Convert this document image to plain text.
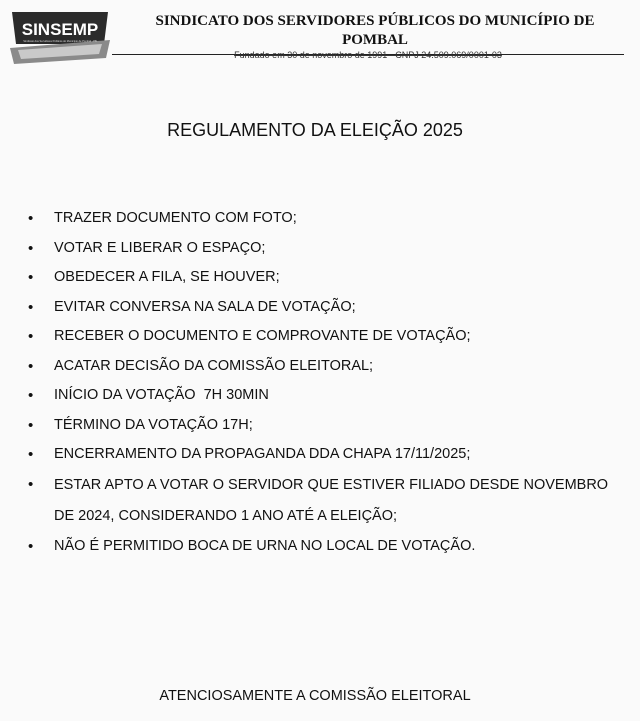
SINSEMP
Sindicato dos Servidores Públicos do Município de Pombal - PB
SINDICATO DOS SERVIDORES PÚBLICOS DO MUNICÍPIO DE POMBAL
Fundado em 30 de novembro de 1991 - CNPJ 24.509.069/0001-03
REGULAMENTO DA ELEIÇÃO 2025
• TRAZER DOCUMENTO COM FOTO;
• VOTAR E LIBERAR O ESPAÇO;
• OBEDECER A FILA, SE HOUVER;
• EVITAR CONVERSA NA SALA DE VOTAÇÃO;
• RECEBER O DOCUMENTO E COMPROVANTE DE VOTAÇÃO;
• ACATAR DECISÃO DA COMISSÃO ELEITORAL;
• INÍCIO DA VOTAÇÃO  7H 30MIN
• TÉRMINO DA VOTAÇÃO 17H;
• ENCERRAMENTO DA PROPAGANDA DDA CHAPA 17/11/2025;
• ESTAR APTO A VOTAR O SERVIDOR QUE ESTIVER FILIADO DESDE NOVEMBRO DE 2024, CONSIDERANDO 1 ANO ATÉ A ELEIÇÃO;
• NÃO É PERMITIDO BOCA DE URNA NO LOCAL DE VOTAÇÃO.
ATENCIOSAMENTE A COMISSÃO ELEITORAL
